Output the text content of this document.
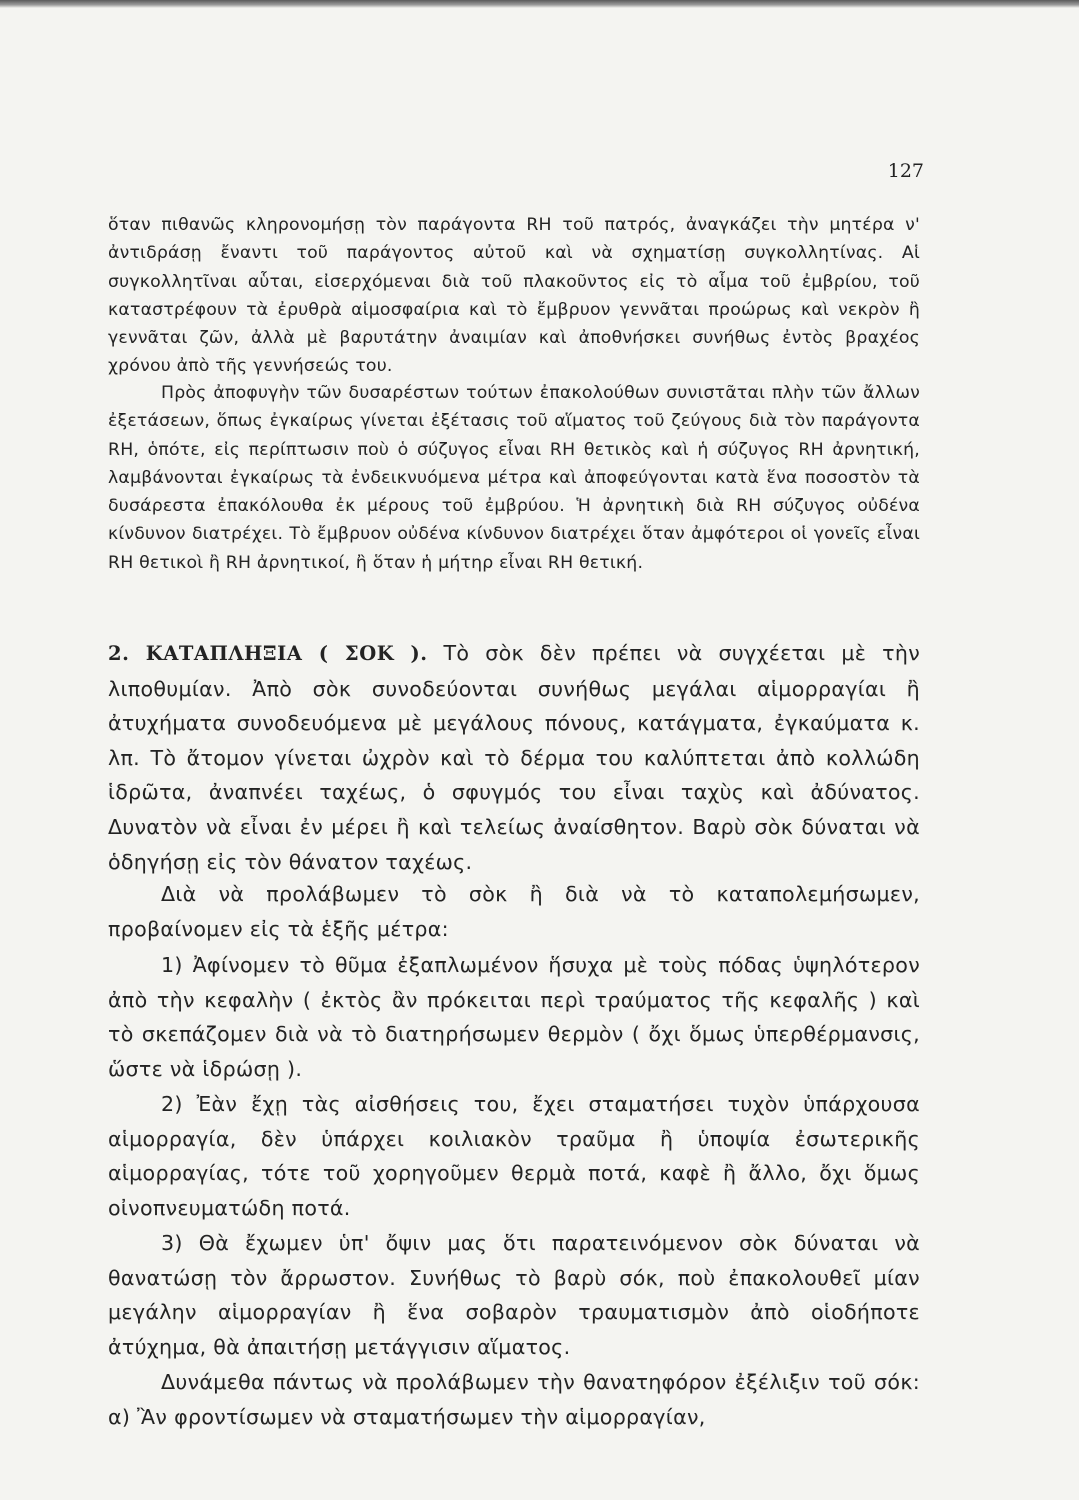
127

ὅταν πιθανῶς κληρονομήσῃ τὸν παράγοντα RH τοῦ πατρός, ἀναγκάζει τὴν μητέρα ν' ἀντιδράσῃ ἔναντι τοῦ παράγοντος αὐτοῦ καὶ νὰ σχηματίσῃ συγκολλητίνας. Αἱ συγκολλητῖναι αὗται, εἰσερχόμεναι διὰ τοῦ πλακοῦντος εἰς τὸ αἷμα τοῦ ἐμβρίου, τοῦ καταστρέφουν τὰ ἐρυθρὰ αἱμοσφαίρια καὶ τὸ ἔμβρυον γεννᾶται προώρως καὶ νεκρὸν ἢ γεννᾶται ζῶν, ἀλλὰ μὲ βαρυτάτην ἀναιμίαν καὶ ἀποθνήσκει συνήθως ἐντὸς βραχέος χρόνου ἀπὸ τῆς γεννήσεώς του.

Πρὸς ἀποφυγὴν τῶν δυσαρέστων τούτων ἐπακολούθων συνιστᾶται πλὴν τῶν ἄλλων ἐξετάσεων, ὅπως ἐγκαίρως γίνεται ἐξέτασις τοῦ αἵματος τοῦ ζεύγους διὰ τὸν παράγοντα RH, ὁπότε, εἰς περίπτωσιν ποὺ ὁ σύζυγος εἶναι RH θετικὸς καὶ ἡ σύζυγος RH ἀρνητική, λαμβάνονται ἐγκαίρως τὰ ἐνδεικνυόμενα μέτρα καὶ ἀποφεύγονται κατὰ ἕνα ποσοστὸν τὰ δυσάρεστα ἐπακόλουθα ἐκ μέρους τοῦ ἐμβρύου. Ἡ ἀρνητικὴ διὰ RH σύζυγος οὐδένα κίνδυνον διατρέχει. Τὸ ἔμβρυον οὐδένα κίνδυνον διατρέχει ὅταν ἀμφότεροι οἱ γονεῖς εἶναι RH θετικοὶ ἢ RH ἀρνητικοί, ἢ ὅταν ἡ μήτηρ εἶναι RH θετική.

2. ΚΑΤΑΠΛΗΞΙΑ ( ΣΟΚ ). Τὸ σὸκ δὲν πρέπει νὰ συγχέεται μὲ τὴν λιποθυμίαν. Ἀπὸ σὸκ συνοδεύονται συνήθως μεγάλαι αἱμορραγίαι ἢ ἀτυχήματα συνοδευόμενα μὲ μεγάλους πόνους, κατάγματα, ἐγκαύματα κ. λπ. Τὸ ἄτομον γίνεται ὠχρὸν καὶ τὸ δέρμα του καλύπτεται ἀπὸ κολλώδη ἱδρῶτα, ἀναπνέει ταχέως, ὁ σφυγμός του εἶναι ταχὺς καὶ ἀδύνατος. Δυνατὸν νὰ εἶναι ἐν μέρει ἢ καὶ τελείως ἀναίσθητον. Βαρὺ σὸκ δύναται νὰ ὁδηγήσῃ εἰς τὸν θάνατον ταχέως.

Διὰ νὰ προλάβωμεν τὸ σὸκ ἢ διὰ νὰ τὸ καταπολεμήσωμεν, προβαίνομεν εἰς τὰ ἑξῆς μέτρα:

1) Ἀφίνομεν τὸ θῦμα ἐξαπλωμένον ἥσυχα μὲ τοὺς πόδας ὑψηλότερον ἀπὸ τὴν κεφαλὴν ( ἐκτὸς ἂν πρόκειται περὶ τραύματος τῆς κεφαλῆς ) καὶ τὸ σκεπάζομεν διὰ νὰ τὸ διατηρήσωμεν θερμὸν ( ὄχι ὅμως ὑπερθέρμανσις, ὥστε νὰ ἱδρώσῃ ).

2) Ἐὰν ἔχῃ τὰς αἰσθήσεις του, ἔχει σταματήσει τυχὸν ὑπάρχουσα αἱμορραγία, δὲν ὑπάρχει κοιλιακὸν τραῦμα ἢ ὑποψία ἐσωτερικῆς αἱμορραγίας, τότε τοῦ χορηγοῦμεν θερμὰ ποτά, καφὲ ἢ ἄλλο, ὄχι ὅμως οἰνοπνευματώδη ποτά.

3) Θὰ ἔχωμεν ὑπ' ὄψιν μας ὅτι παρατεινόμενον σὸκ δύναται νὰ θανατώσῃ τὸν ἄρρωστον. Συνήθως τὸ βαρὺ σόκ, ποὺ ἐπακολουθεῖ μίαν μεγάλην αἱμορραγίαν ἢ ἕνα σοβαρὸν τραυματισμὸν ἀπὸ οἱοδήποτε ἀτύχημα, θὰ ἀπαιτήσῃ μετάγγισιν αἵματος.

Δυνάμεθα πάντως νὰ προλάβωμεν τὴν θανατηφόρον ἐξέλιξιν τοῦ σόκ: α) Ἂν φροντίσωμεν νὰ σταματήσωμεν τὴν αἱμορραγίαν,
